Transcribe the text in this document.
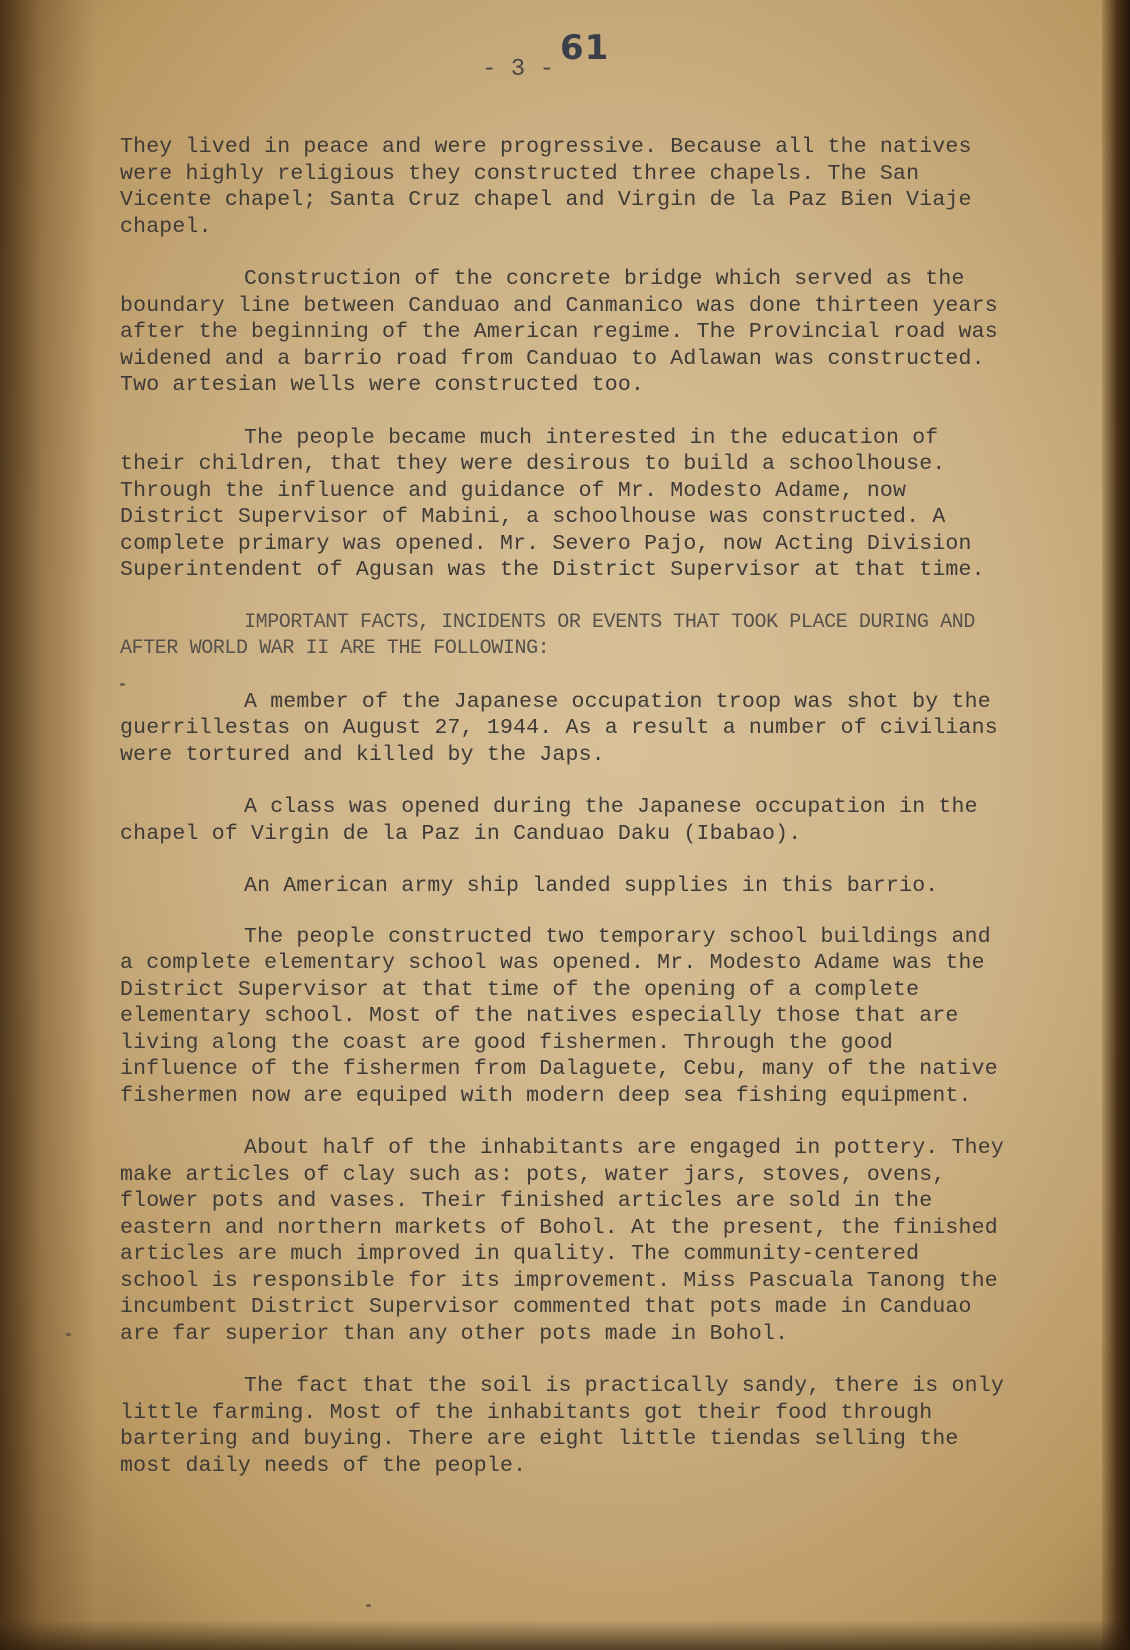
61
- 3 -

They lived in peace and were progressive. Because all the natives were highly religious they constructed three chapels. The San Vicente chapel; Santa Cruz chapel and Virgin de la Paz Bien Viaje chapel.

Construction of the concrete bridge which served as the boundary line between Canduao and Canmanico was done thirteen years after the beginning of the American regime. The Provincial road was widened and a barrio road from Canduao to Adlawan was constructed. Two artesian wells were constructed too.

The people became much interested in the education of their children, that they were desirous to build a schoolhouse. Through the influence and guidance of Mr. Modesto Adame, now District Supervisor of Mabini, a schoolhouse was constructed. A complete primary was opened. Mr. Severo Pajo, now Acting Division Superintendent of Agusan was the District Supervisor at that time.

IMPORTANT FACTS, INCIDENTS OR EVENTS THAT TOOK PLACE DURING AND AFTER WORLD WAR II ARE THE FOLLOWING:

A member of the Japanese occupation troop was shot by the guerrillestas on August 27, 1944. As a result a number of civilians were tortured and killed by the Japs.

A class was opened during the Japanese occupation in the chapel of Virgin de la Paz in Canduao Daku (Ibabao).

An American army ship landed supplies in this barrio.

The people constructed two temporary school buildings and a complete elementary school was opened. Mr. Modesto Adame was the District Supervisor at that time of the opening of a complete elementary school. Most of the natives especially those that are living along the coast are good fishermen. Through the good influence of the fishermen from Dalaguete, Cebu, many of the native fishermen now are equiped with modern deep sea fishing equipment.

About half of the inhabitants are engaged in pottery. They make articles of clay such as: pots, water jars, stoves, ovens, flower pots and vases. Their finished articles are sold in the eastern and northern markets of Bohol. At the present, the finished articles are much improved in quality. The community-centered school is responsible for its improvement. Miss Pascuala Tanong the incumbent District Supervisor commented that pots made in Canduao are far superior than any other pots made in Bohol.

The fact that the soil is practically sandy, there is only little farming. Most of the inhabitants got their food through bartering and buying. There are eight little tiendas selling the most daily needs of the people.
